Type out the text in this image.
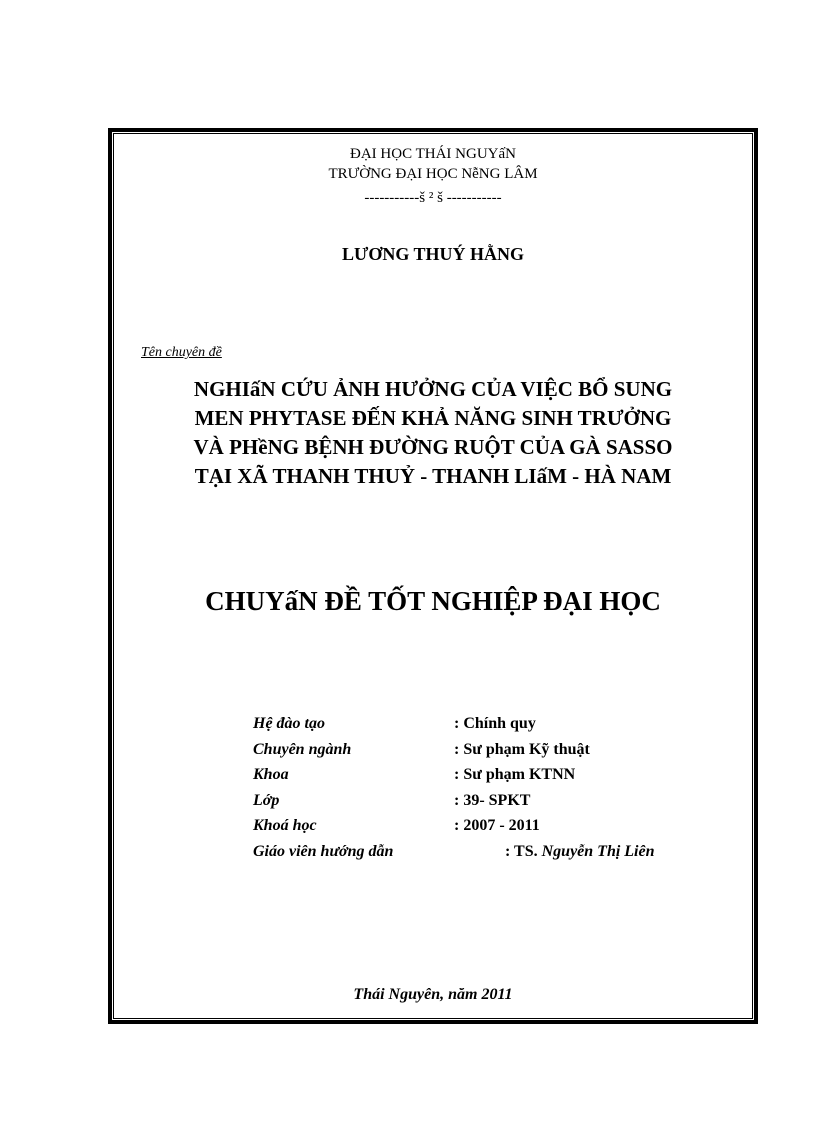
ĐẠI HỌC THÁI NGUYấN
TRƯỜNG ĐẠI HỌC NễNG LÂM
-----------š ² š -----------
LƯƠNG THUÝ HẰNG
Tên chuyên đề
NGHIấN CỨU ẢNH HƯỞNG CỦA VIỆC BỔ SUNG
MEN PHYTASE ĐẾN KHẢ NĂNG SINH TRƯỞNG
VÀ PHềNG BỆNH ĐƯỜNG RUỘT CỦA GÀ SASSO
TẠI XÃ THANH THUỶ - THANH LIấM - HÀ NAM
CHUYấN ĐỀ TỐT NGHIỆP ĐẠI HỌC
Hệ đào tạo	: Chính quy
Chuyên ngành	: Sư phạm Kỹ thuật
Khoa	: Sư phạm KTNN
Lớp	: 39- SPKT
Khoá học	: 2007 - 2011
Giáo viên hướng dẫn	: TS. Nguyễn Thị Liên
Thái Nguyên, năm 2011
